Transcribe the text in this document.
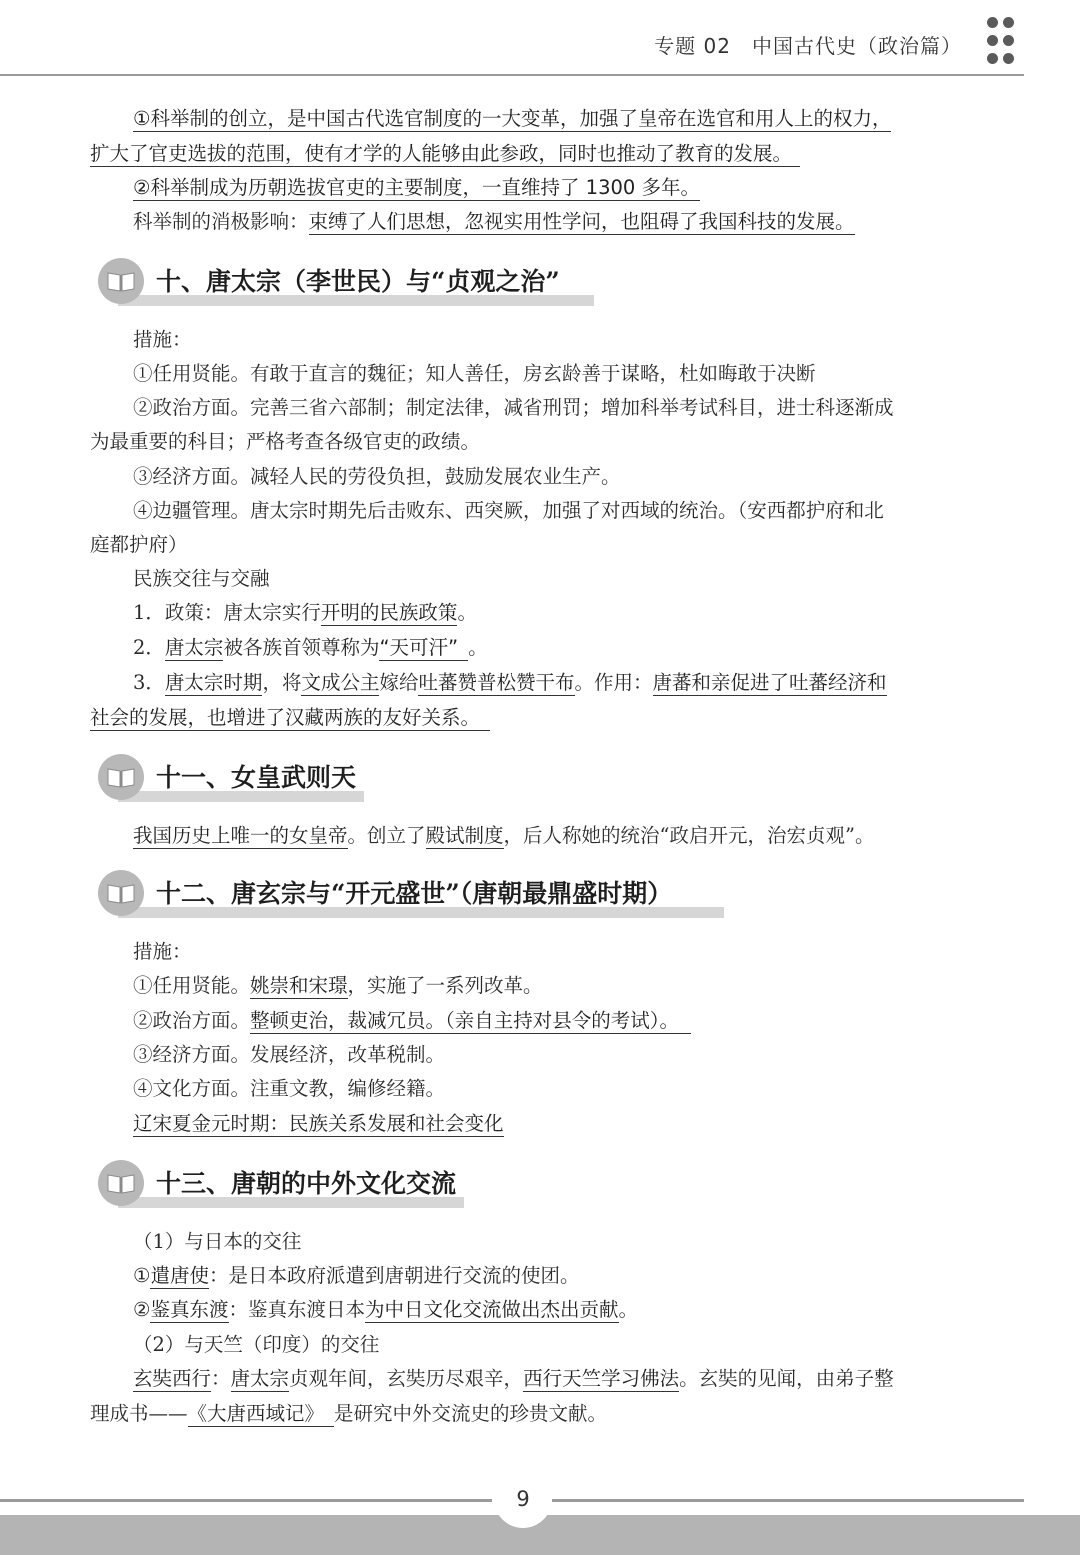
专题 02　中国古代史（政治篇）
①科举制的创立，是中国古代选官制度的一大变革，加强了皇帝在选官和用人上的权力，
扩大了官吏选拔的范围，使有才学的人能够由此参政，同时也推动了教育的发展。
②科举制成为历朝选拔官吏的主要制度，一直维持了 1300 多年。
科举制的消极影响：束缚了人们思想，忽视实用性学问，也阻碍了我国科技的发展。
十、唐太宗（李世民）与“贞观之治”
措施：
①任用贤能。有敢于直言的魏征；知人善任，房玄龄善于谋略，杜如晦敢于决断
②政治方面。完善三省六部制；制定法律，减省刑罚；增加科举考试科目，进士科逐渐成
为最重要的科目；严格考查各级官吏的政绩。
③经济方面。减轻人民的劳役负担，鼓励发展农业生产。
④边疆管理。唐太宗时期先后击败东、西突厥，加强了对西域的统治。（安西都护府和北
庭都护府）
民族交往与交融
1．政策：唐太宗实行开明的民族政策。
2．唐太宗被各族首领尊称为“天可汗” 。
3．唐太宗时期，将文成公主嫁给吐蕃赞普松赞干布。作用：唐蕃和亲促进了吐蕃经济和
社会的发展，也增进了汉藏两族的友好关系。
十一、女皇武则天
我国历史上唯一的女皇帝。创立了殿试制度，后人称她的统治“政启开元，治宏贞观”。
十二、唐玄宗与“开元盛世”（唐朝最鼎盛时期）
措施：
①任用贤能。姚崇和宋璟，实施了一系列改革。
②政治方面。整顿吏治，裁减冗员。（亲自主持对县令的考试）。
③经济方面。发展经济，改革税制。
④文化方面。注重文教，编修经籍。
辽宋夏金元时期：民族关系发展和社会变化
十三、唐朝的中外文化交流
（1）与日本的交往
①遣唐使：是日本政府派遣到唐朝进行交流的使团。
②鉴真东渡：鉴真东渡日本为中日文化交流做出杰出贡献。
（2）与天竺（印度）的交往
玄奘西行：唐太宗贞观年间，玄奘历尽艰辛，西行天竺学习佛法。玄奘的见闻，由弟子整
理成书——《大唐西域记》 是研究中外交流史的珍贵文献。
9
